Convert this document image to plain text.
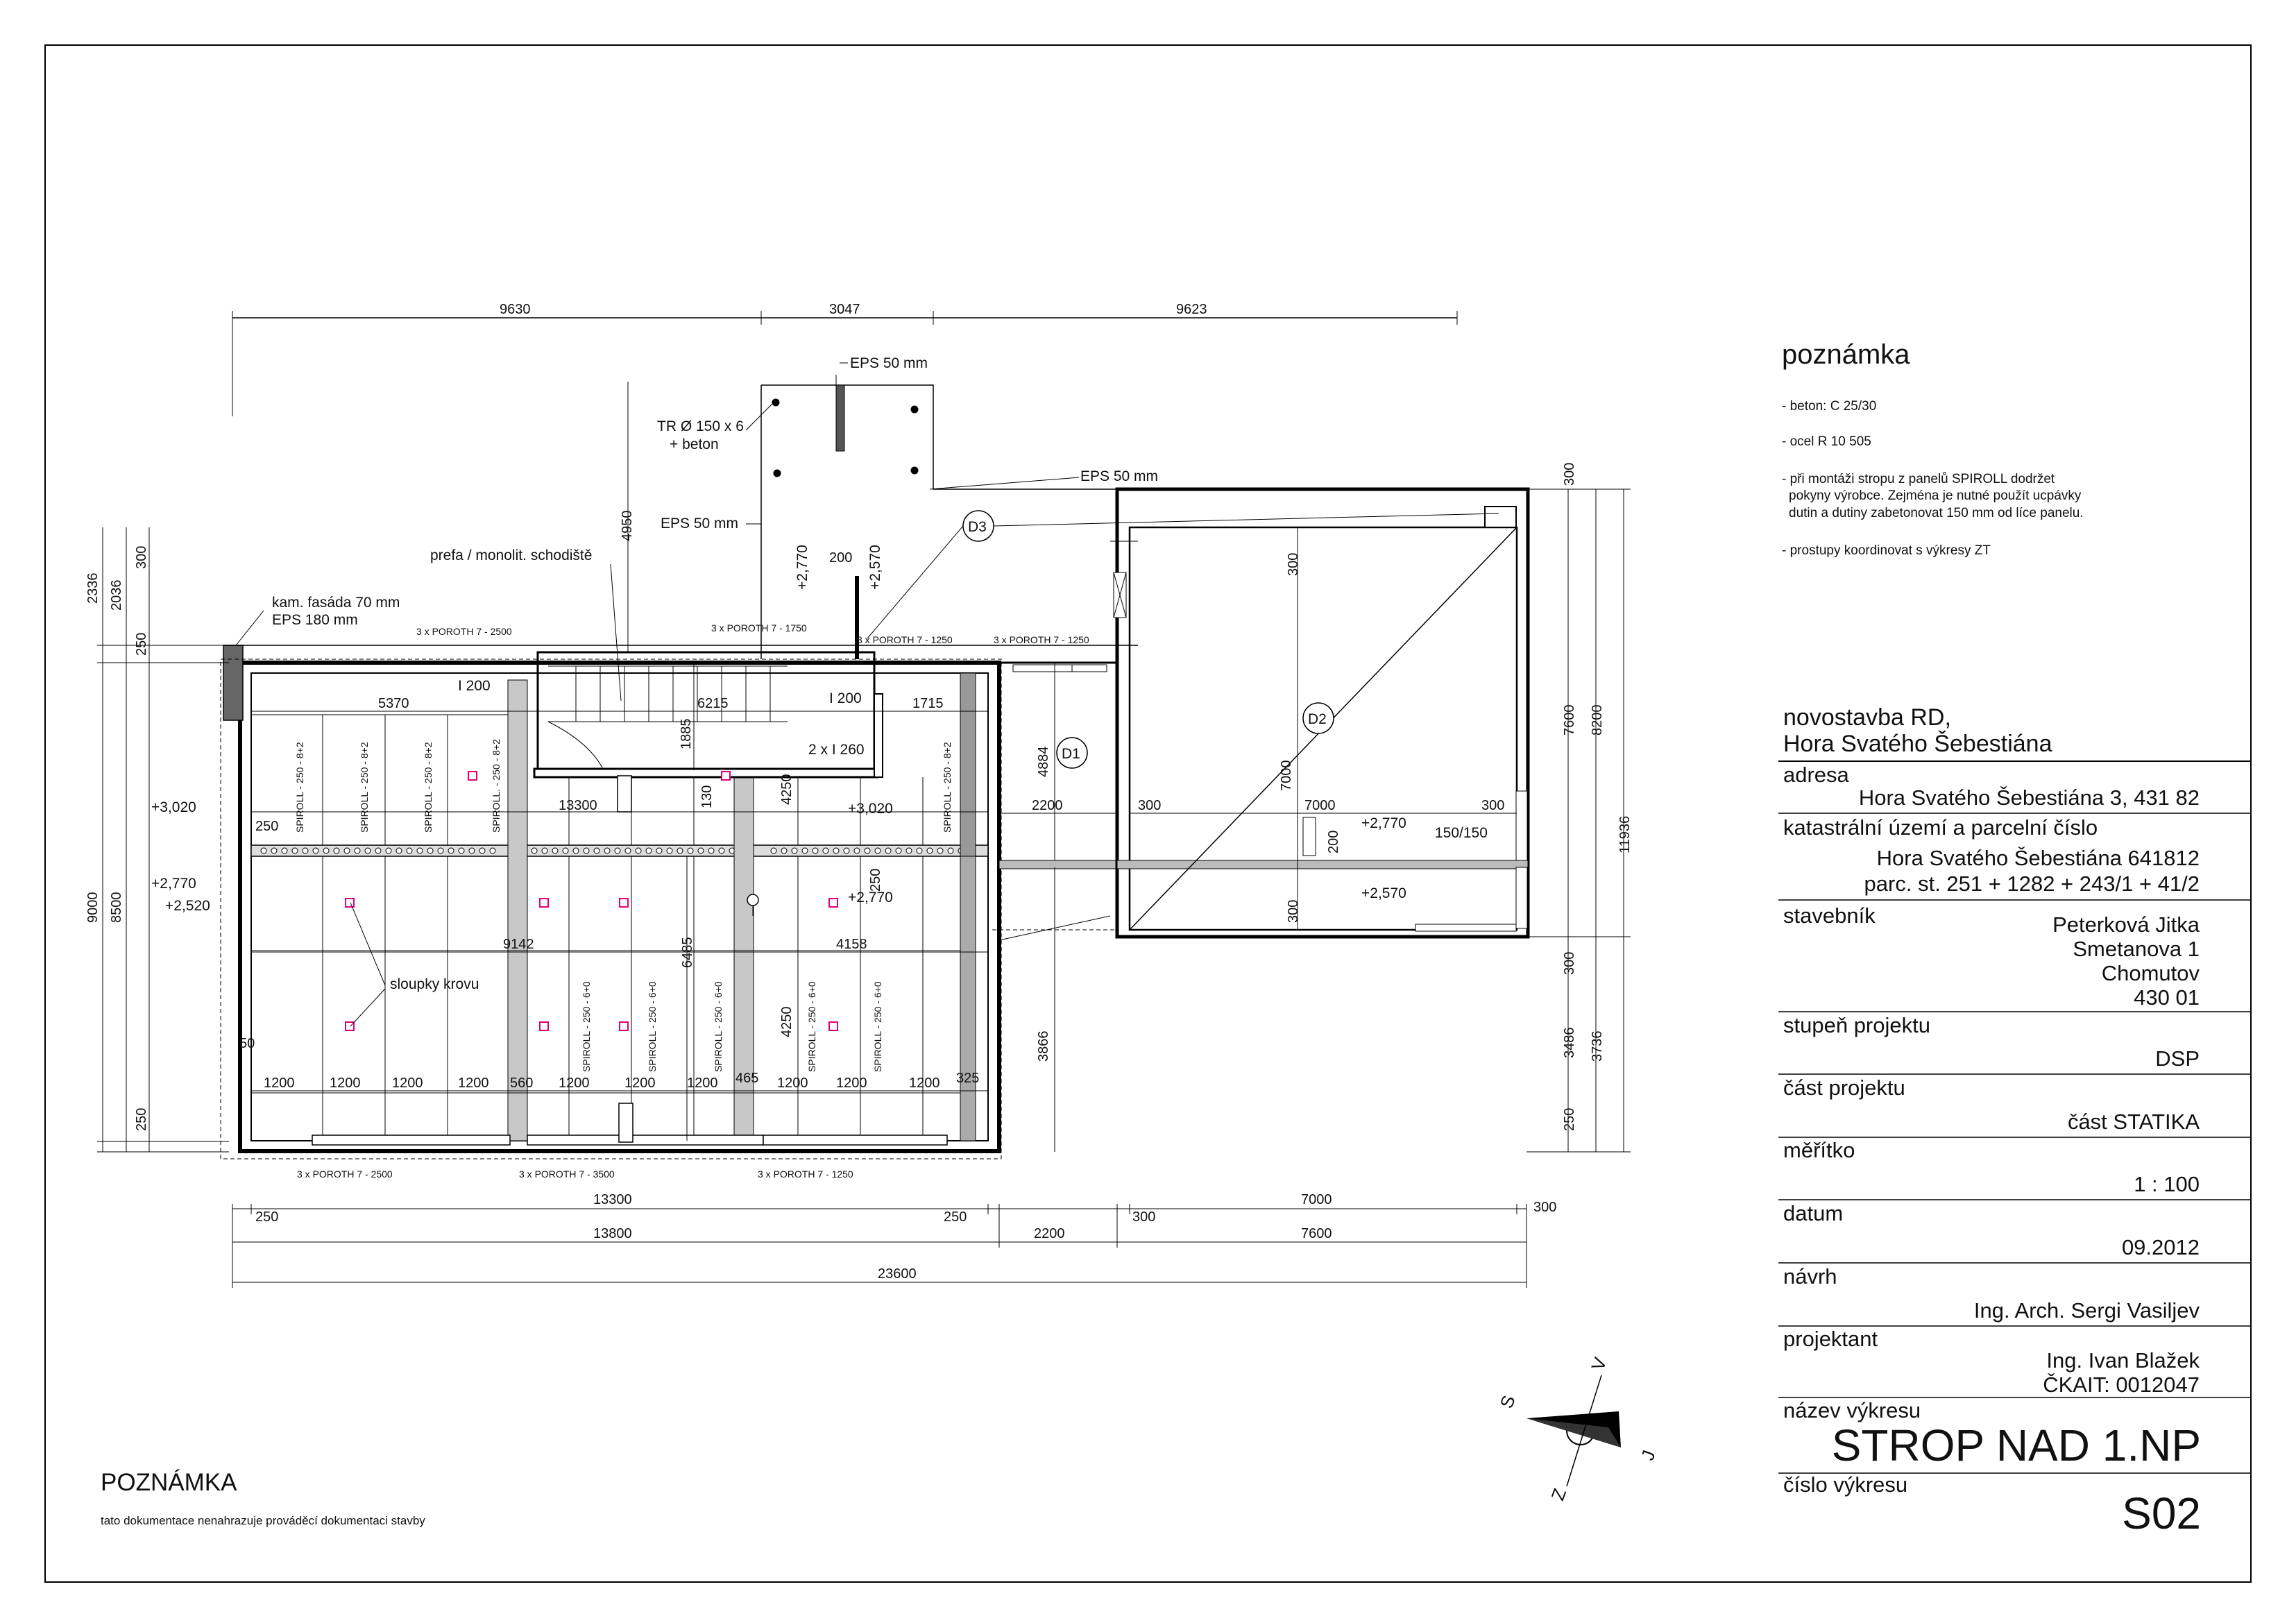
9630	3047	9623
2336 2036
300
250
9000 8500
250
300
7600 8200
11936
300
3486 3736
250
13300	7000
250	250	300
300
13800	2200	7600
23600
1200	1200 1200	1200 560 1200	1200 1200 465 1200 1200	1200 325
5370	6215	1715
13300
9142	4158
6485
1885
4250
4250
130
250
250
50
2200
4884
3866
300	7000	300
7000
300
300
200
4950
200
SPIROLL - 250 - 8+2	SPIROLL - 250 - 8+2	SPIROLL - 250 - 8+2	SPIROLL. - 250 - 8+2	SPIROLL - 250 - 8+2
SPIROLL - 250 - 6+0	SPIROLL - 250 - 6+0	SPIROLL - 250 - 6+0	SPIROLL - 250 - 6+0	SPIROLL - 250 - 6+0
EPS 50 mm
TR Ø 150 x 6
+ beton
EPS 50 mm
EPS 50 mm
prefa / monolit. schodiště
kam. fasáda 70 mm
EPS 180 mm
3 x POROTH 7 - 2500	3 x POROTH 7 - 1750
3 x POROTH 7 - 1250	3 x POROTH 7 - 1250
3 x POROTH 7 - 2500	3 x POROTH 7 - 3500	3 x POROTH 7 - 1250
I 200
I 200
2 x I 260
+3,020	+3,020
+2,770
+2,520
+2,770
+2,770	+2,570
+2,770
+2,570
sloupky krovu
150/150
D1
D2
D3
poznámka
- beton: C 25/30
- ocel R 10 505
- při montáži stropu z panelů SPIROLL dodržet
pokyny výrobce. Zejména je nutné použít ucpávky
dutin a dutiny zabetonovat 150 mm od líce panelu.
- prostupy koordinovat s výkresy ZT
novostavba RD,
Hora Svatého Šebestiána
adresa
Hora Svatého Šebestiána 3, 431 82
katastrální území a parcelní číslo
Hora Svatého Šebestiána 641812
parc. st. 251 + 1282 + 243/1 + 41/2
stavebník	Peterková Jitka
Smetanova 1
Chomutov
430 01
stupeň projektu
DSP
část projektu
část STATIKA
měřítko
1 : 100
datum
09.2012
návrh
Ing. Arch. Sergi Vasiljev
projektant
Ing. Ivan Blažek
ČKAIT: 0012047
název výkresu
STROP NAD 1.NP
číslo výkresu
S02
S
J
V
Z
POZNÁMKA
tato dokumentace nenahrazuje prováděcí dokumentaci stavby
